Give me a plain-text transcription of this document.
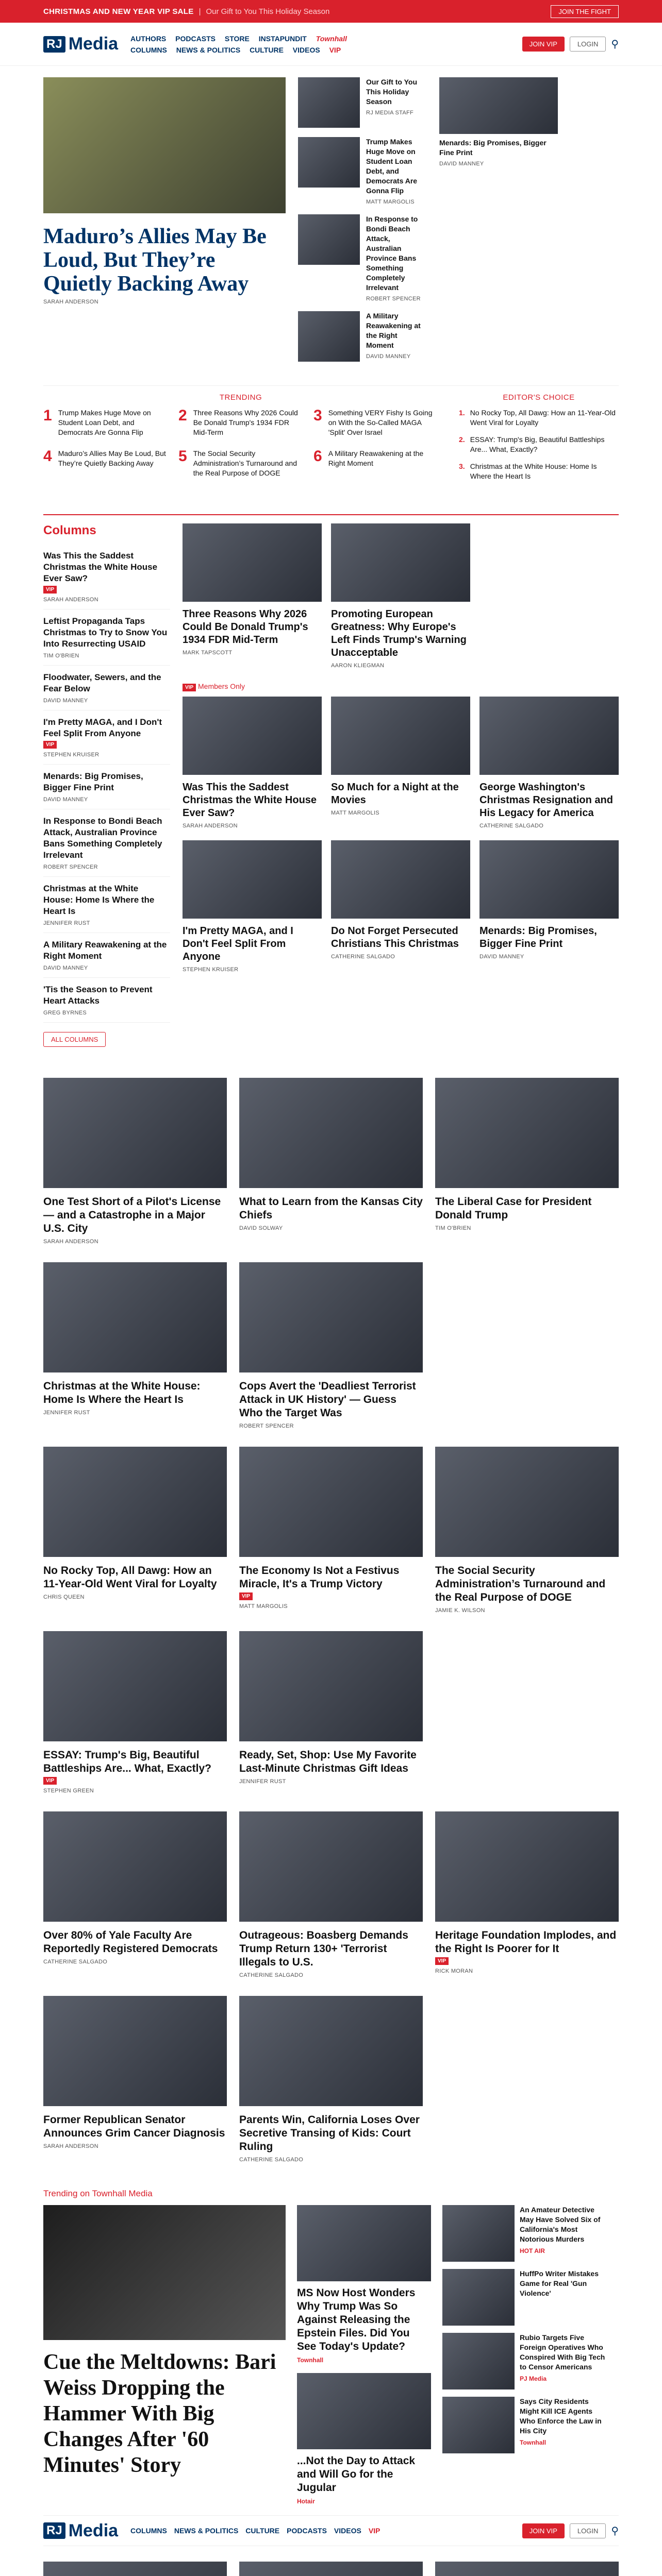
CHRISTMAS AND NEW YEAR VIP SALE | Our Gift to You This Holiday Season	JOIN THE FIGHT
RJ Media AUTHORS PODCASTS STORE INSTAPUNDIT Townhall
COLUMNS NEWS & POLITICS CULTURE VIDEOS VIP
JOIN VIP	LOGIN	⚲
Maduro’s Allies May Be Loud, But They’re Quietly Backing Away
SARAH ANDERSON
Our Gift to You This Holiday Season
RJ MEDIA STAFF
Trump Makes Huge Move on Student Loan Debt, and Democrats Are Gonna Flip
MATT MARGOLIS
In Response to Bondi Beach Attack, Australian Province Bans Something Completely Irrelevant
ROBERT SPENCER
A Military Reawakening at the Right Moment
DAVID MANNEY
Menards: Big Promises, Bigger Fine Print
DAVID MANNEY
TRENDING
1 Trump Makes Huge Move on Student Loan Debt, and Democrats Are Gonna Flip

2 Three Reasons Why 2026 Could Be Donald Trump's 1934 FDR Mid-Term

3 Something VERY Fishy Is Going on With the So-Called MAGA 'Split' Over Israel

4 Maduro’s Allies May Be Loud, But They’re Quietly Backing Away	5 The Social Security Administration’s Turnaround and the Real Purpose of DOGE

6 A Military Reawakening at the Right Moment

EDITOR'S CHOICE
1. No Rocky Top, All Dawg: How an 11-Year-Old Went Viral for Loyalty
2. ESSAY: Trump's Big, Beautiful Battleships Are... What, Exactly?
3. Christmas at the White House: Home Is Where the Heart Is
Columns
Was This the Saddest Christmas the White House Ever Saw?
VIP
SARAH ANDERSON
Leftist Propaganda Taps Christmas to Try to Snow You Into Resurrecting USAID
TIM O'BRIEN
Floodwater, Sewers, and the Fear Below
DAVID MANNEY
I'm Pretty MAGA, and I Don't Feel Split From Anyone
VIP
STEPHEN KRUISER
Menards: Big Promises, Bigger Fine Print
DAVID MANNEY
In Response to Bondi Beach Attack, Australian Province Bans Something Completely Irrelevant
ROBERT SPENCER
Christmas at the White House: Home Is Where the Heart Is
JENNIFER RUST
A Military Reawakening at the Right Moment
DAVID MANNEY
'Tis the Season to Prevent Heart Attacks
GREG BYRNES
ALL COLUMNS
Three Reasons Why 2026 Could Be Donald Trump's 1934 FDR Mid-Term
MARK TAPSCOTT
Promoting European Greatness: Why Europe's Left Finds Trump's Warning Unacceptable
AARON KLIEGMAN
VIP Members Only
Was This the Saddest Christmas the White House Ever Saw?
SARAH ANDERSON
So Much for a Night at the Movies
MATT MARGOLIS
George Washington's Christmas Resignation and His Legacy for America
CATHERINE SALGADO
I'm Pretty MAGA, and I Don't Feel Split From Anyone
STEPHEN KRUISER
Do Not Forget Persecuted Christians This Christmas
CATHERINE SALGADO
Menards: Big Promises, Bigger Fine Print
DAVID MANNEY
One Test Short of a Pilot's License — and a Catastrophe in a Major U.S. City
SARAH ANDERSON
What to Learn from the Kansas City Chiefs
DAVID SOLWAY
The Liberal Case for President Donald Trump
TIM O'BRIEN
Christmas at the White House: Home Is Where the Heart Is
JENNIFER RUST
Cops Avert the 'Deadliest Terrorist Attack in UK History' — Guess Who the Target Was
ROBERT SPENCER
No Rocky Top, All Dawg: How an 11-Year-Old Went Viral for Loyalty
CHRIS QUEEN
The Economy Is Not a Festivus Miracle, It's a Trump Victory
VIP
MATT MARGOLIS
The Social Security Administration’s Turnaround and the Real Purpose of DOGE
JAMIE K. WILSON
ESSAY: Trump's Big, Beautiful Battleships Are... What, Exactly?
VIP
STEPHEN GREEN
Ready, Set, Shop: Use My Favorite Last-Minute Christmas Gift Ideas
JENNIFER RUST
Over 80% of Yale Faculty Are Reportedly Registered Democrats
CATHERINE SALGADO
Outrageous: Boasberg Demands Trump Return 130+ 'Terrorist Illegals to U.S.
CATHERINE SALGADO
Heritage Foundation Implodes, and the Right Is Poorer for It
VIP
RICK MORAN
Former Republican Senator Announces Grim Cancer Diagnosis
SARAH ANDERSON
Parents Win, California Loses Over Secretive Transing of Kids: Court Ruling
CATHERINE SALGADO
Trending on Townhall Media
Cue the Meltdowns: Bari Weiss Dropping the Hammer With Big Changes After '60 Minutes' Story
MS Now Host Wonders Why Trump Was So Against Releasing the Epstein Files. Did You See Today's Update?
Townhall
...Not the Day to Attack and Will Go for the Jugular
Hotair
An Amateur Detective May Have Solved Six of California's Most Notorious Murders
HOT AIR
HuffPo Writer Mistakes Game for Real 'Gun Violence'
Rubio Targets Five Foreign Operatives Who Conspired With Big Tech to Censor Americans
PJ Media
Says City Residents Might Kill ICE Agents Who Enforce the Law in His City
Townhall
RJ Media COLUMNS NEWS & POLITICS CULTURE PODCASTS VIDEOS VIP	JOIN VIP	LOGIN	⚲
